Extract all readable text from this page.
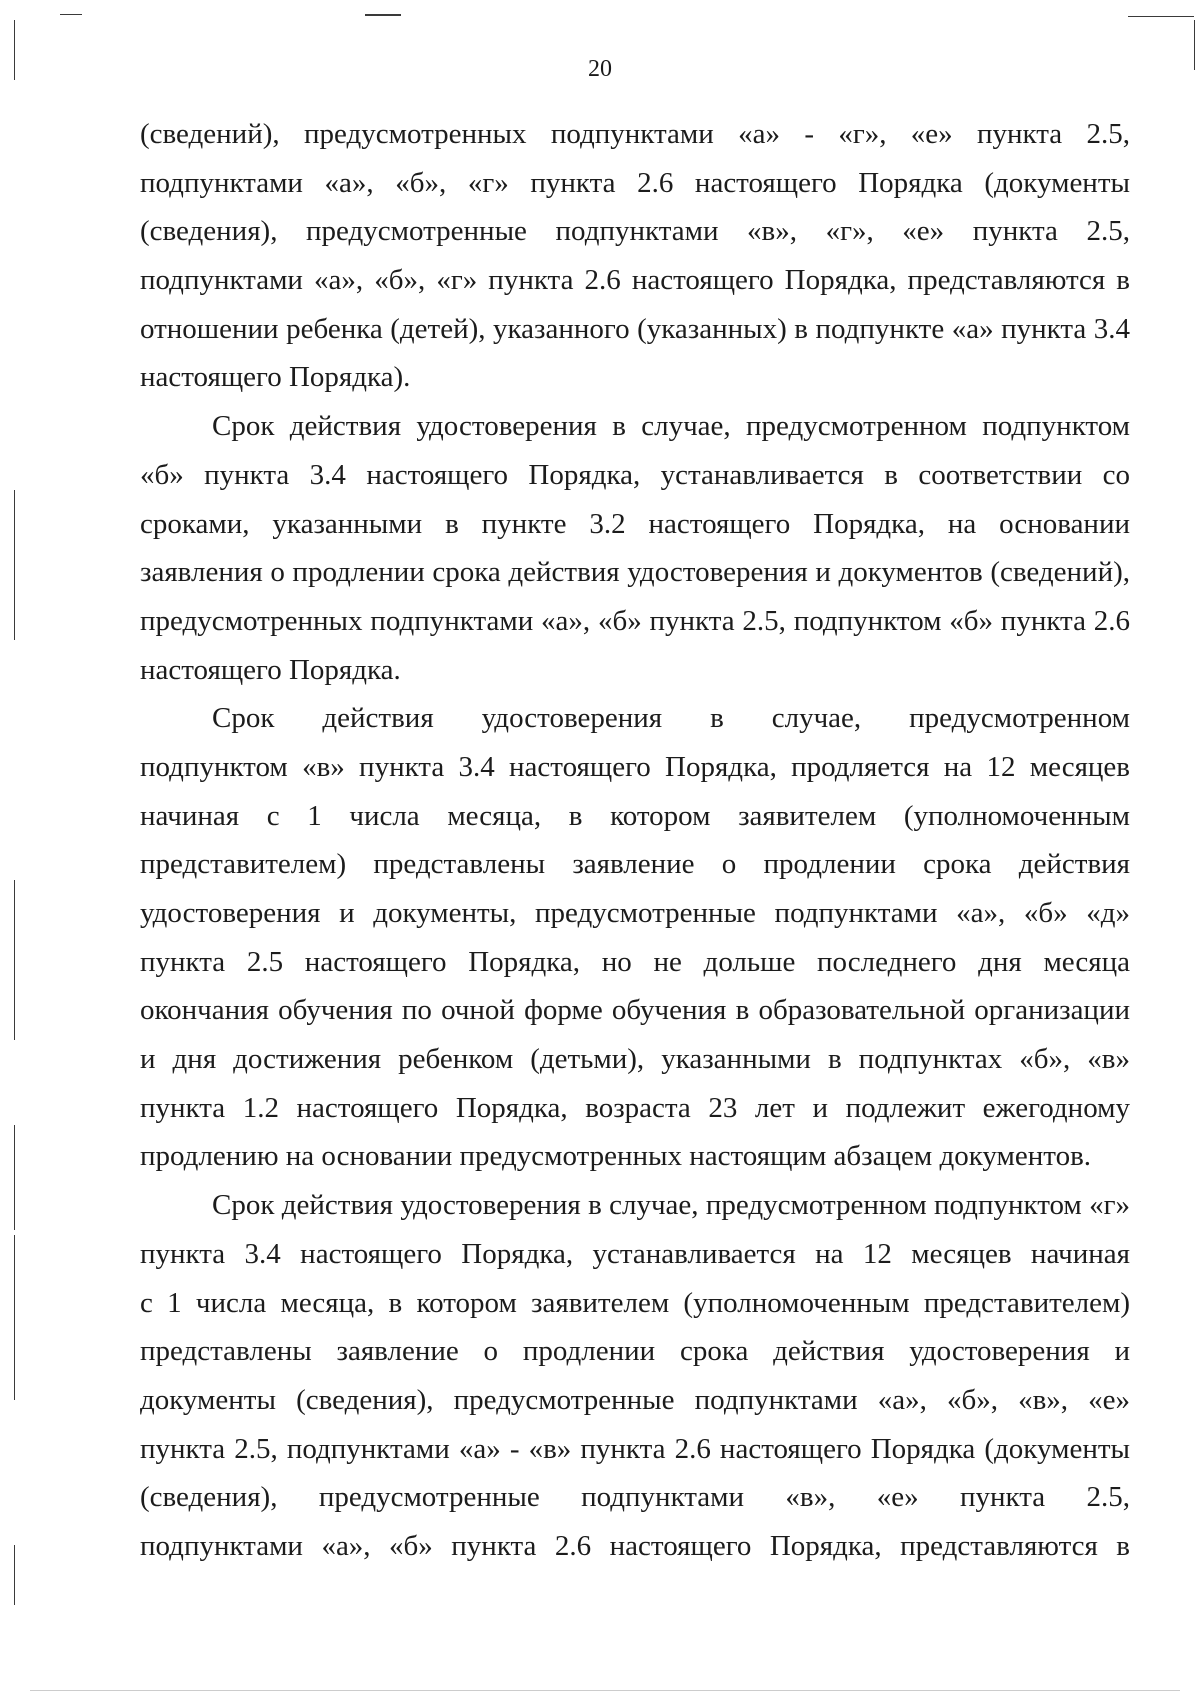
20
(сведений), предусмотренных подпунктами «а» - «г», «е» пункта 2.5,
подпунктами «а», «б», «г» пункта 2.6 настоящего Порядка (документы
(сведения), предусмотренные подпунктами «в», «г», «е» пункта 2.5,
подпунктами «а», «б», «г» пункта 2.6 настоящего Порядка, представляются в
отношении ребенка (детей), указанного (указанных) в подпункте «а» пункта 3.4
настоящего Порядка).
Срок действия удостоверения в случае, предусмотренном подпунктом
«б» пункта 3.4 настоящего Порядка, устанавливается в соответствии со
сроками, указанными в пункте 3.2 настоящего Порядка, на основании
заявления о продлении срока действия удостоверения и документов (сведений),
предусмотренных подпунктами «а», «б» пункта 2.5, подпунктом «б» пункта 2.6
настоящего Порядка.
Срок действия удостоверения в случае, предусмотренном
подпунктом «в» пункта 3.4 настоящего Порядка, продляется на 12 месяцев
начиная с 1 числа месяца, в котором заявителем (уполномоченным
представителем) представлены заявление о продлении срока действия
удостоверения и документы, предусмотренные подпунктами «а», «б» «д»
пункта 2.5 настоящего Порядка, но не дольше последнего дня месяца
окончания обучения по очной форме обучения в образовательной организации
и дня достижения ребенком (детьми), указанными в подпунктах «б», «в»
пункта 1.2 настоящего Порядка, возраста 23 лет и подлежит ежегодному
продлению на основании предусмотренных настоящим абзацем документов.
Срок действия удостоверения в случае, предусмотренном подпунктом «г»
пункта 3.4 настоящего Порядка, устанавливается на 12 месяцев начиная
с 1 числа месяца, в котором заявителем (уполномоченным представителем)
представлены заявление о продлении срока действия удостоверения и
документы (сведения), предусмотренные подпунктами «а», «б», «в», «е»
пункта 2.5, подпунктами «а» - «в» пункта 2.6 настоящего Порядка (документы
(сведения), предусмотренные подпунктами «в», «е» пункта 2.5,
подпунктами «а», «б» пункта 2.6 настоящего Порядка, представляются в
